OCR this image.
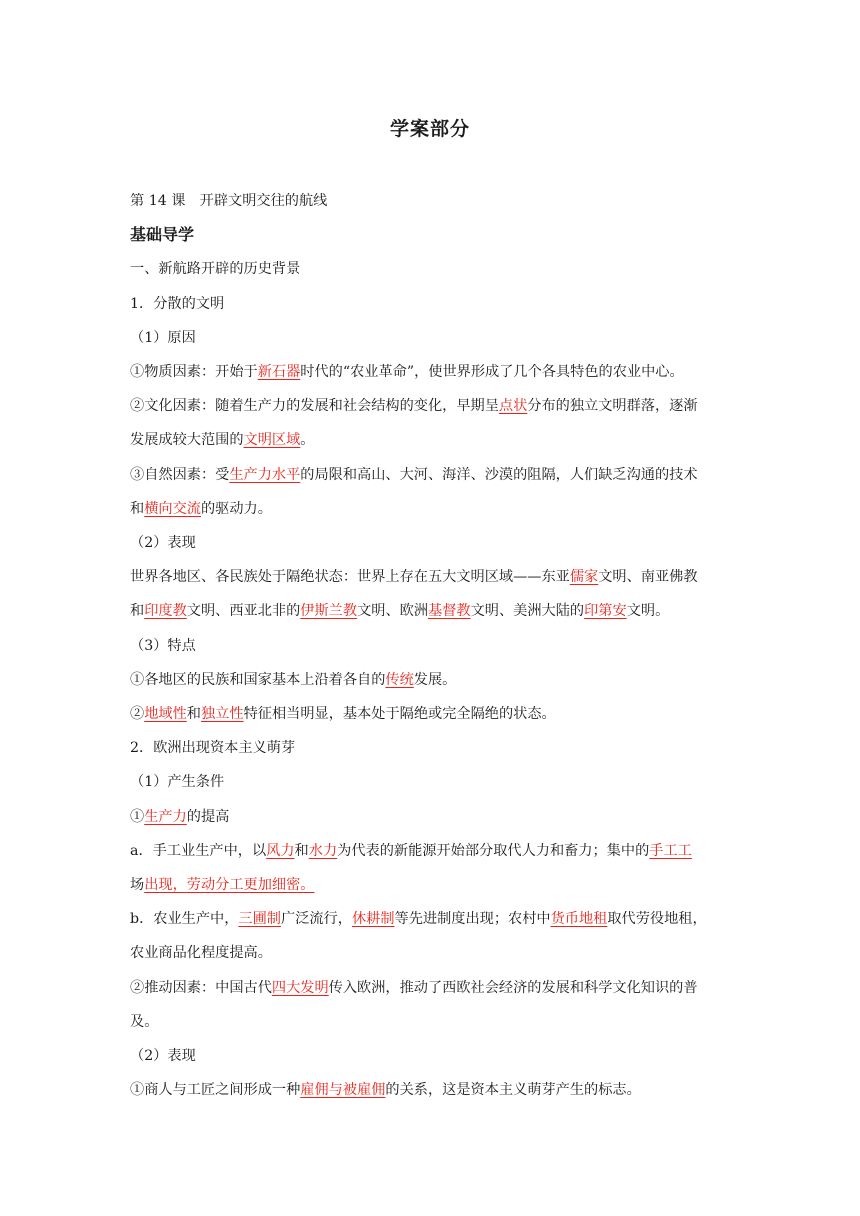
学案部分
第 14 课　开辟文明交往的航线
基础导学
一、新航路开辟的历史背景
1．分散的文明
（1）原因
①物质因素：开始于新石器时代的“农业革命”，使世界形成了几个各具特色的农业中心。
②文化因素：随着生产力的发展和社会结构的变化，早期呈点状分布的独立文明群落，逐渐
发展成较大范围的文明区域。
③自然因素：受生产力水平的局限和高山、大河、海洋、沙漠的阻隔，人们缺乏沟通的技术
和横向交流的驱动力。
（2）表现
世界各地区、各民族处于隔绝状态：世界上存在五大文明区域——东亚儒家文明、南亚佛教
和印度教文明、西亚北非的伊斯兰教文明、欧洲基督教文明、美洲大陆的印第安文明。
（3）特点
①各地区的民族和国家基本上沿着各自的传统发展。
②地域性和独立性特征相当明显，基本处于隔绝或完全隔绝的状态。
2．欧洲出现资本主义萌芽
（1）产生条件
①生产力的提高
a．手工业生产中，以风力和水力为代表的新能源开始部分取代人力和畜力；集中的手工工
场出现，劳动分工更加细密。
b．农业生产中，三圃制广泛流行，休耕制等先进制度出现；农村中货币地租取代劳役地租，
农业商品化程度提高。
②推动因素：中国古代四大发明传入欧洲，推动了西欧社会经济的发展和科学文化知识的普
及。
（2）表现
①商人与工匠之间形成一种雇佣与被雇佣的关系，这是资本主义萌芽产生的标志。
